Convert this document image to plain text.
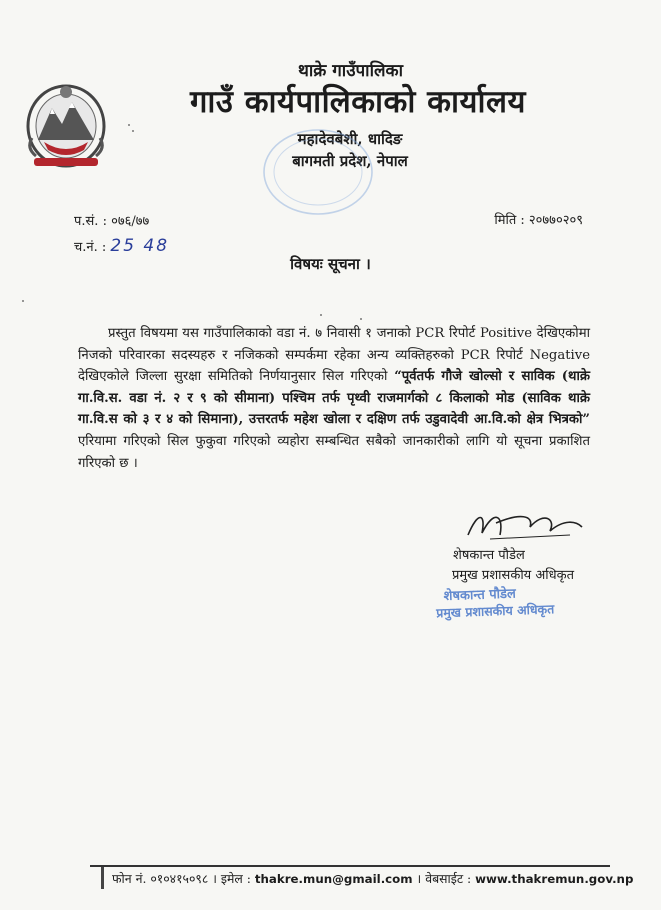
थाक्रे गाउँपालिका
गाउँ कार्यपालिकाको कार्यालय
महादेवबेशी, धादिङ
बागमती प्रदेश, नेपाल
प.सं. : ०७६/७७
च.नं. : 25 48
मिति : २०७७०२०९
विषयः सूचना ।
प्रस्तुत विषयमा यस गाउँपालिकाको वडा नं. ७ निवासी १ जनाको PCR रिपोर्ट Positive देखिएकोमा निजको परिवारका सदस्यहरु र नजिकको सम्पर्कमा रहेका अन्य व्यक्तिहरुको PCR रिपोर्ट Negative देखिएकोले जिल्ला सुरक्षा समितिको निर्णयानुसार सिल गरिएको “पूर्वतर्फ गौजे खोल्सो र साविक (थाक्रे गा.वि.स. वडा नं. २ र ९ को सीमाना) पश्चिम तर्फ पृथ्वी राजमार्गको ८ किलाको मोड (साविक थाक्रे गा.वि.स को ३ र ४ को सिमाना), उत्तरतर्फ महेश खोला र दक्षिण तर्फ उडुवादेवी आ.वि.को क्षेत्र भित्रको” एरियामा गरिएको सिल फुकुवा गरिएको व्यहोरा सम्बन्धित सबैको जानकारीको लागि यो सूचना प्रकाशित गरिएको छ ।
शेषकान्त पौडेल
प्रमुख प्रशासकीय अधिकृत
शेषकान्त पौडेल
प्रमुख प्रशासकीय अधिकृत
फोन नं. ०१०४१५०९८ । इमेल : thakre.mun@gmail.com । वेबसाईट : www.thakremun.gov.np
